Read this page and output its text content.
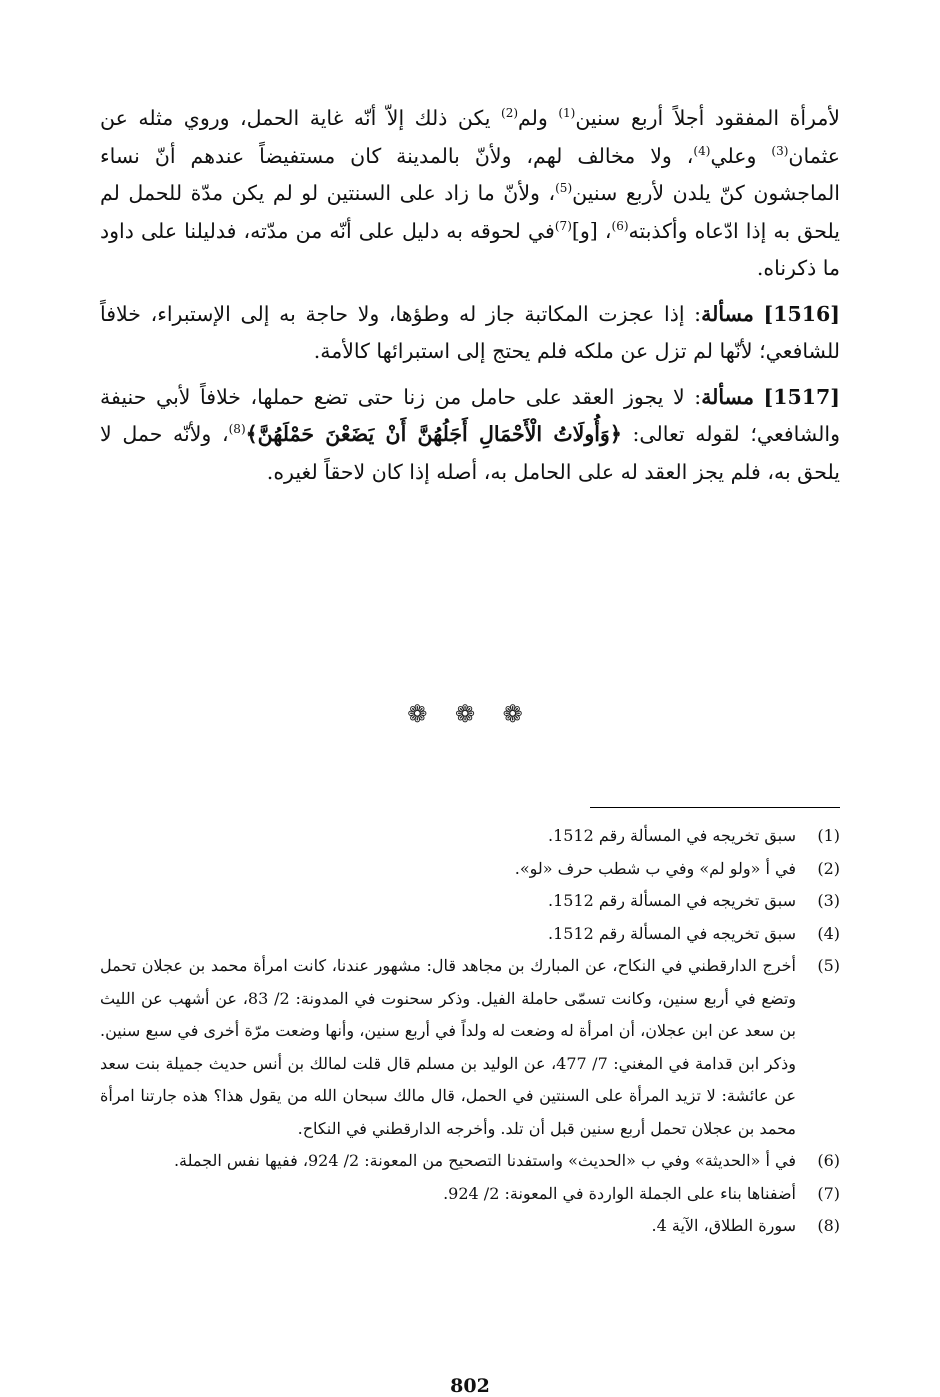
لأمرأة المفقود أجلاً أربع سنين$^{(1)}$ ولم$^{(2)}$ يكن ذلك إلاّ أنّه غاية الحمل، وروي مثله عن عثمان$^{(3)}$ وعلي$^{(4)}$، ولا مخالف لهم، ولأنّ بالمدينة كان مستفيضاً عندهم أنّ نساء الماجشون كنّ يلدن لأربع سنين$^{(5)}$، ولأنّ ما زاد على السنتين لو لم يكن مدّة للحمل لم يلحق به إذا ادّعاه وأكذبته$^{(6)}$، [و]$^{(7)}$في لحوقه به دليل على أنّه من مدّته، فدليلنا على داود ما ذكرناه.

[1516] مسألة: إذا عجزت المكاتبة جاز له وطؤها، ولا حاجة به إلى الإستبراء، خلافاً للشافعي؛ لأنّها لم تزل عن ملكه فلم يحتج إلى استبرائها كالأمة.

[1517] مسألة: لا يجوز العقد على حامل من زنا حتى تضع حملها، خلافاً لأبي حنيفة والشافعي؛ لقوله تعالى: ﴿وَأُولَاتُ الْأَحْمَالِ أَجَلُهُنَّ أَنْ يَضَعْنَ حَمْلَهُنَّ﴾$^{(8)}$، ولأنّه حمل لا يلحق به، فلم يجز العقد له على الحامل به، أصله إذا كان لاحقاً لغيره.

❁ ❁ ❁
(1)
سبق تخريجه في المسألة رقم 1512.
(2)
في أ «ولو لم» وفي ب شطب حرف «لو».
(3)
سبق تخريجه في المسألة رقم 1512.
(4)
سبق تخريجه في المسألة رقم 1512.
(5)
أخرج الدارقطني في النكاح، عن المبارك بن مجاهد قال: مشهور عندنا، كانت امرأة محمد بن عجلان تحمل وتضع في أربع سنين، وكانت تسمّى حاملة الفيل. وذكر سحنوت في المدونة: 2/ 83، عن أشهب عن الليث بن سعد عن ابن عجلان، أن امرأة له وضعت له ولداً في أربع سنين، وأنها وضعت مرّة أخرى في سبع سنين. وذكر ابن قدامة في المغني: 7/ 477، عن الوليد بن مسلم قال قلت لمالك بن أنس حديث جميلة بنت سعد عن عائشة: لا تزيد المرأة على السنتين في الحمل، قال مالك سبحان الله من يقول هذا؟ هذه جارتنا امرأة محمد بن عجلان تحمل أربع سنين قبل أن تلد. وأخرجه الدارقطني في النكاح.
(6)
في أ «الحديثة» وفي ب «الحديث» واستفدنا التصحيح من المعونة: 2/ 924، ففيها نفس الجملة.
(7)
أضفناها بناء على الجملة الواردة في المعونة: 2/ 924.
(8)
سورة الطلاق، الآية 4.
802
